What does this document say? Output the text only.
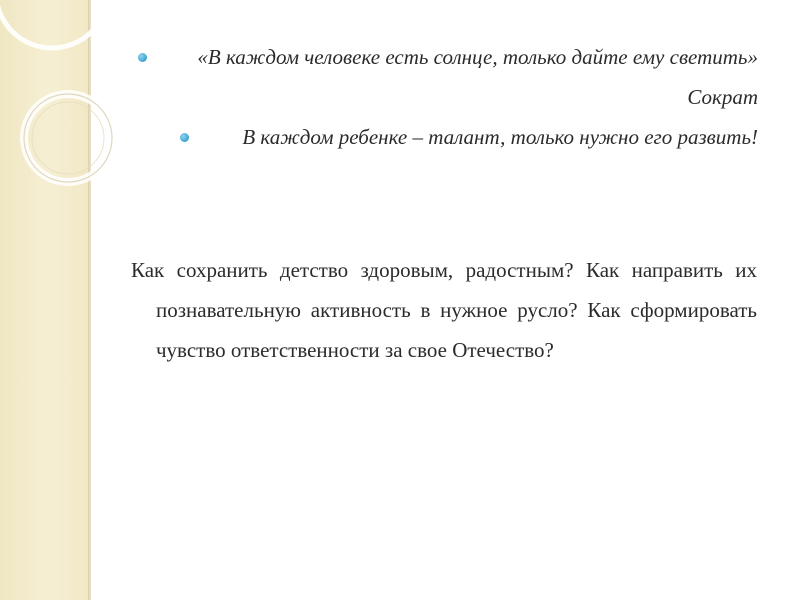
«В каждом человеке есть солнце, только дайте ему светить»
Сократ
В каждом ребенке – талант, только нужно его развить!
Как сохранить детство здоровым, радостным? Как направить их познавательную активность в нужное русло? Как сформировать чувство ответственности за свое Отечество?
